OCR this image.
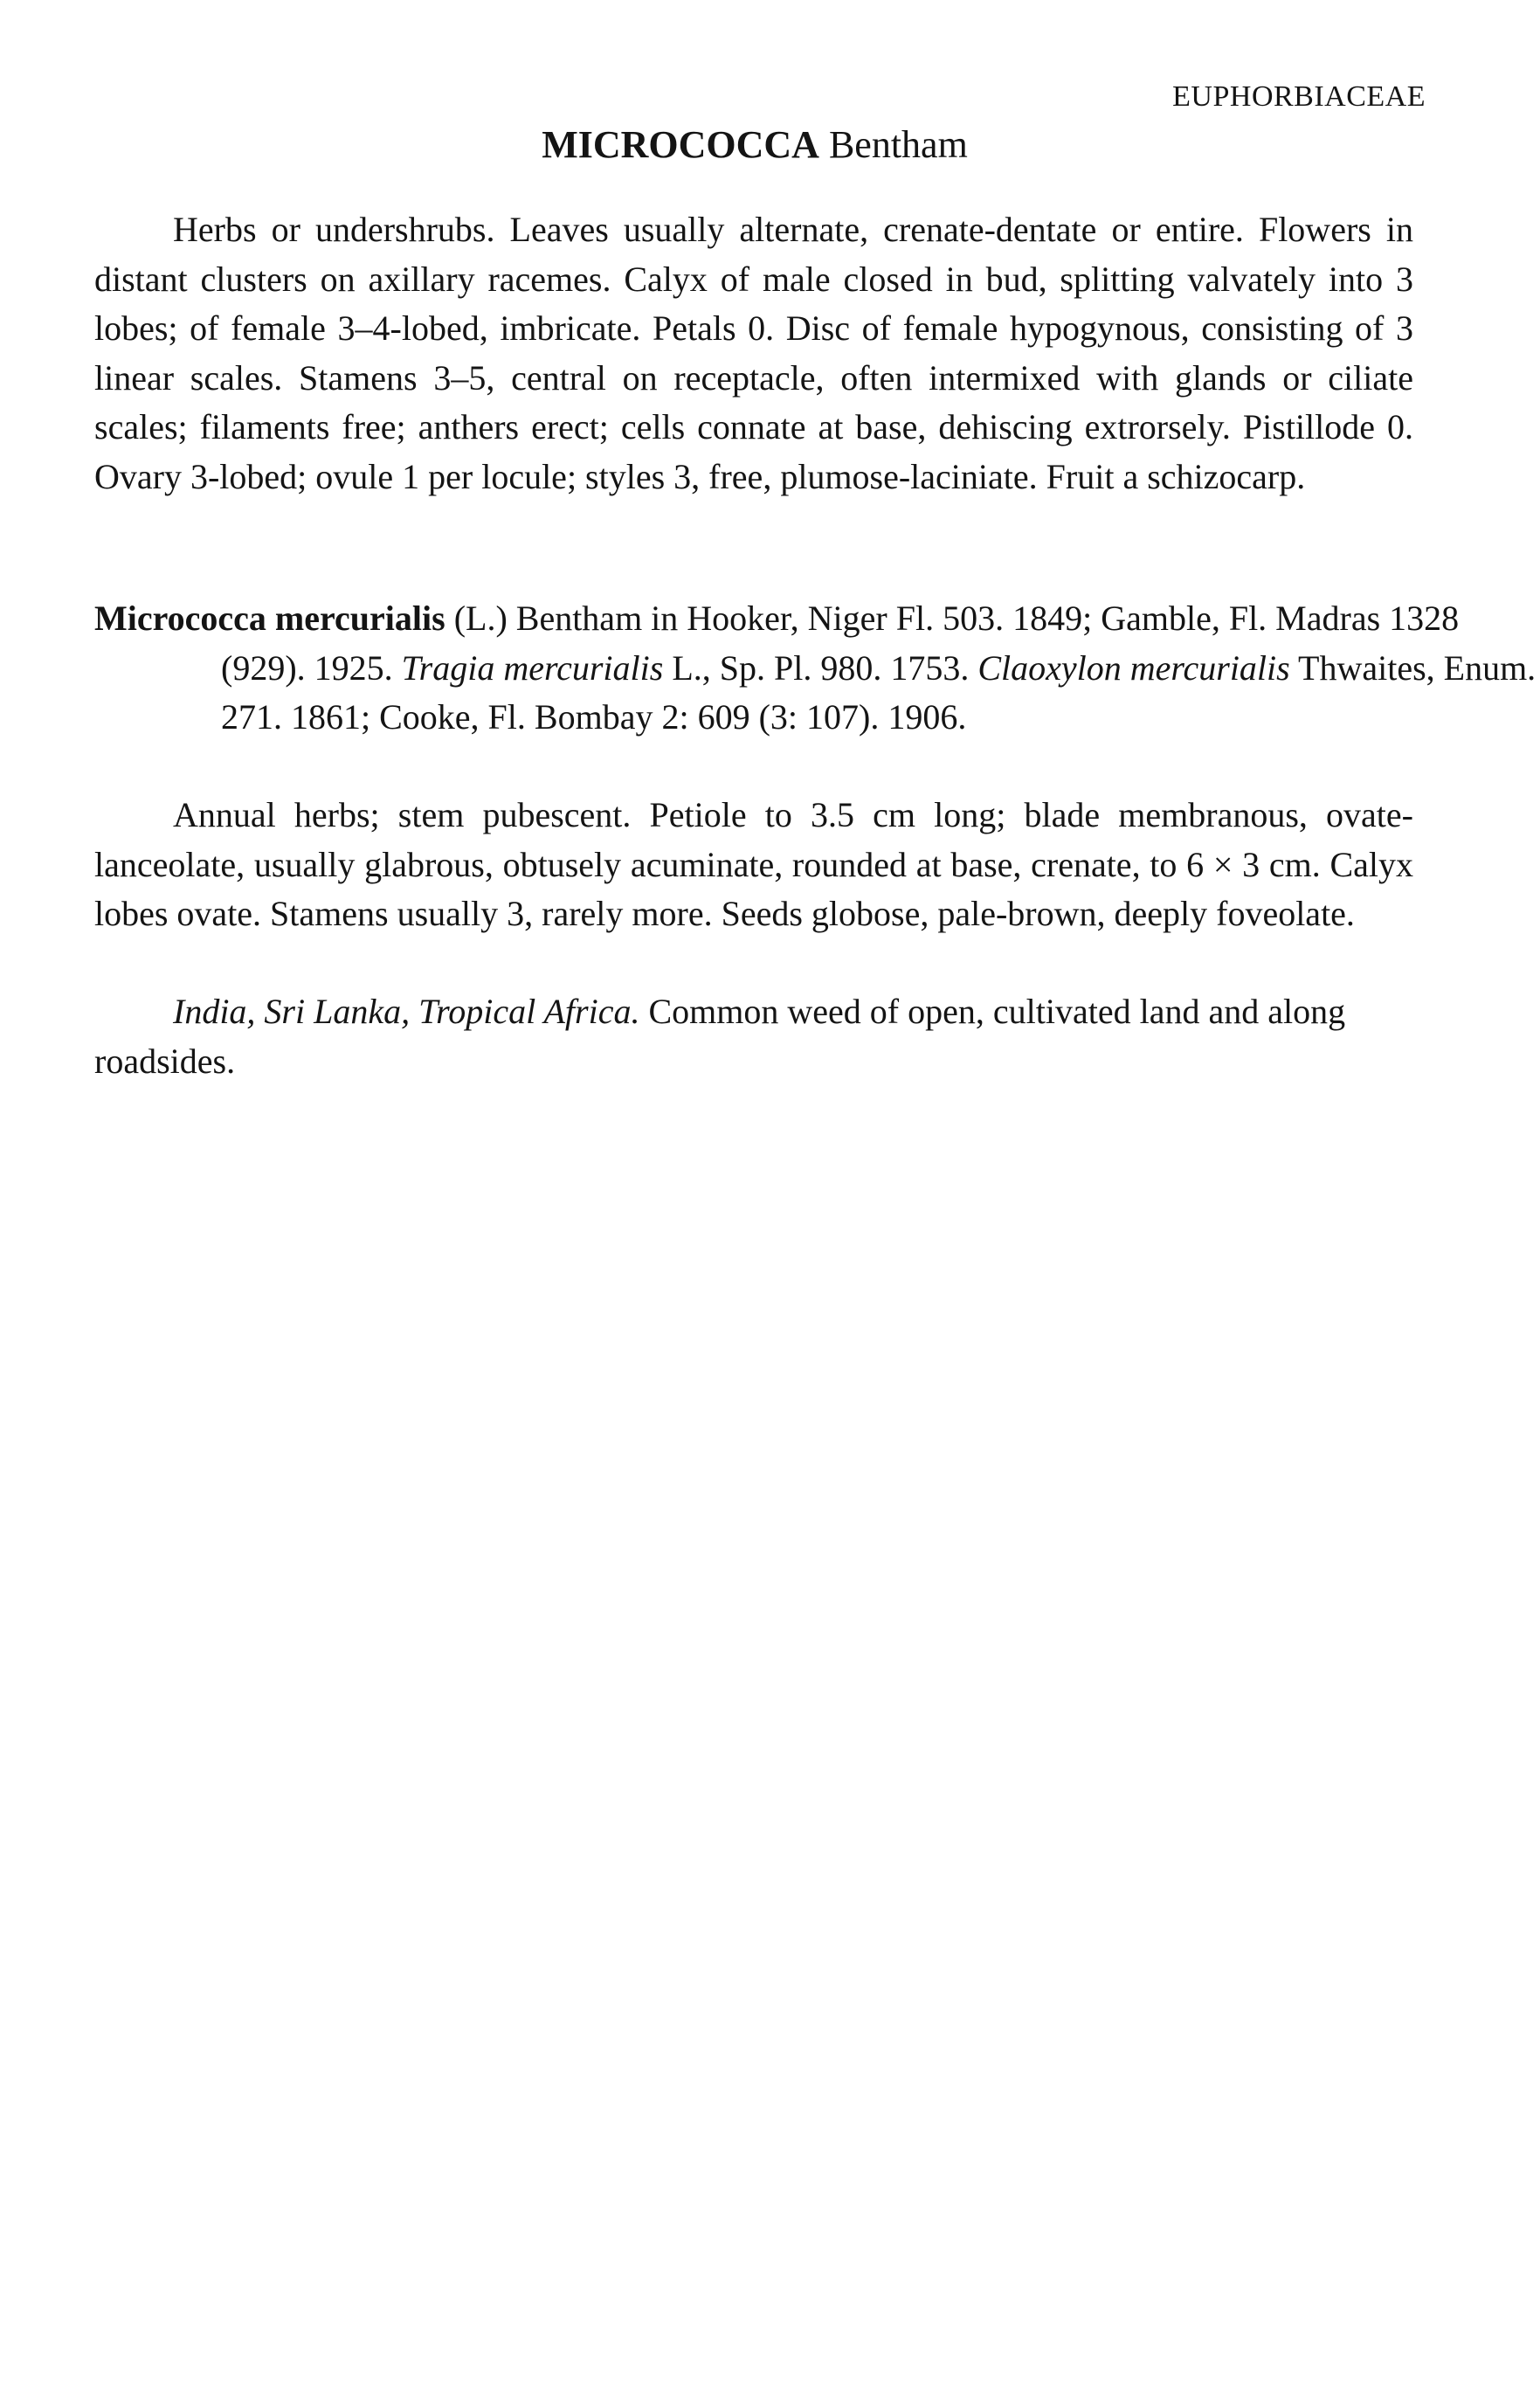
EUPHORBIACEAE
MICROCOCCA Bentham
Herbs or undershrubs. Leaves usually alternate, crenate-dentate or entire. Flowers in distant clusters on axillary racemes. Calyx of male closed in bud, splitting valvately into 3 lobes; of female 3–4-lobed, imbricate. Petals 0. Disc of female hypogynous, consisting of 3 linear scales. Stamens 3–5, central on receptacle, often intermixed with glands or ciliate scales; filaments free; anthers erect; cells connate at base, dehiscing extrorsely. Pistillode 0. Ovary 3-lobed; ovule 1 per locule; styles 3, free, plumose-laciniate. Fruit a schizocarp.
Micrococca mercurialis (L.) Bentham in Hooker, Niger Fl. 503. 1849; Gamble, Fl. Madras 1328 (929). 1925. Tragia mercurialis L., Sp. Pl. 980. 1753. Claoxylon mercurialis Thwaites, Enum. 271. 1861; Cooke, Fl. Bombay 2: 609 (3: 107). 1906.
Annual herbs; stem pubescent. Petiole to 3.5 cm long; blade membranous, ovate-lanceolate, usually glabrous, obtusely acuminate, rounded at base, crenate, to 6 × 3 cm. Calyx lobes ovate. Stamens usually 3, rarely more. Seeds globose, pale-brown, deeply foveolate.
India, Sri Lanka, Tropical Africa. Common weed of open, cultivated land and along roadsides.
